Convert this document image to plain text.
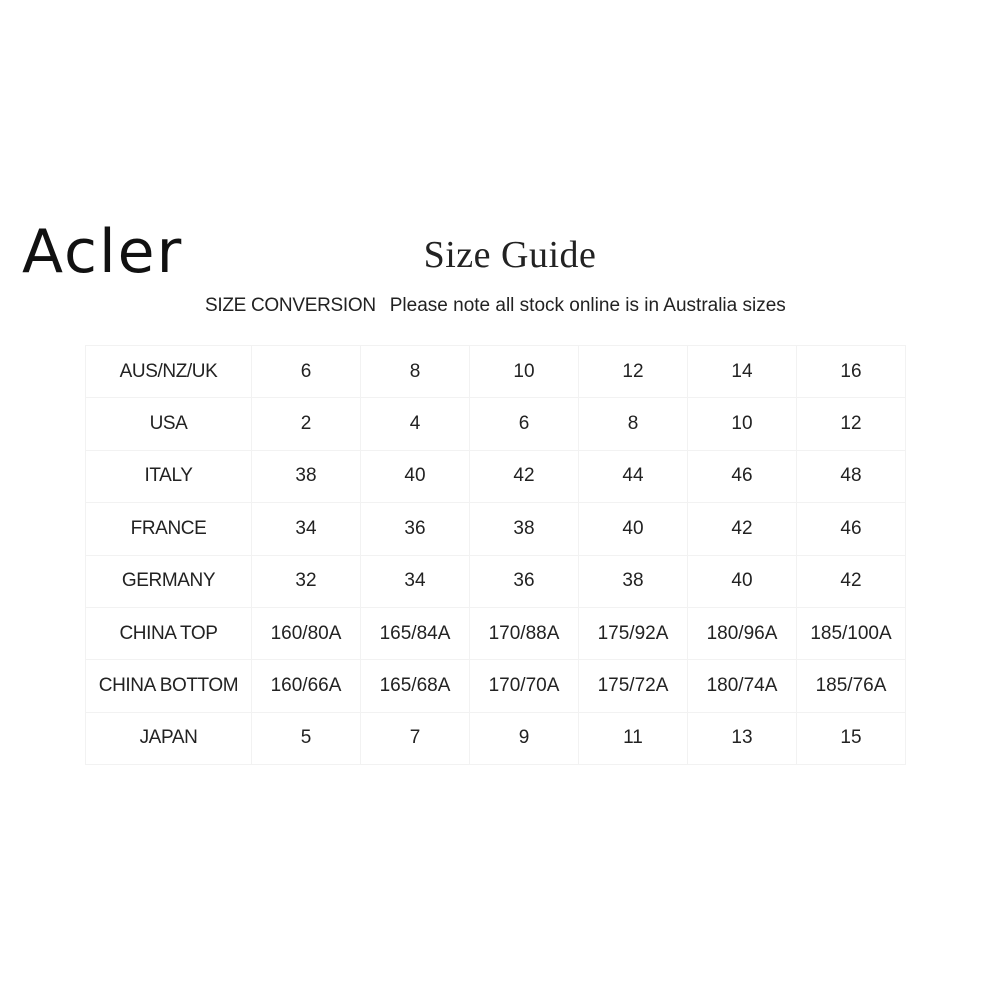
Acler	Size Guide
SIZE CONVERSION Please note all stock online is in Australia sizes
AUS/NZ/UK	6	8	10	12	14	16
USA	2	4	6	8	10	12
ITALY	38	40	42	44	46	48
FRANCE	34	36	38	40	42	46
GERMANY	32	34	36	38	40	42
CHINA TOP	160/80A	165/84A	170/88A	175/92A	180/96A	185/100A
CHINA BOTTOM	160/66A	165/68A	170/70A	175/72A	180/74A	185/76A
JAPAN	5	7	9	11	13	15
